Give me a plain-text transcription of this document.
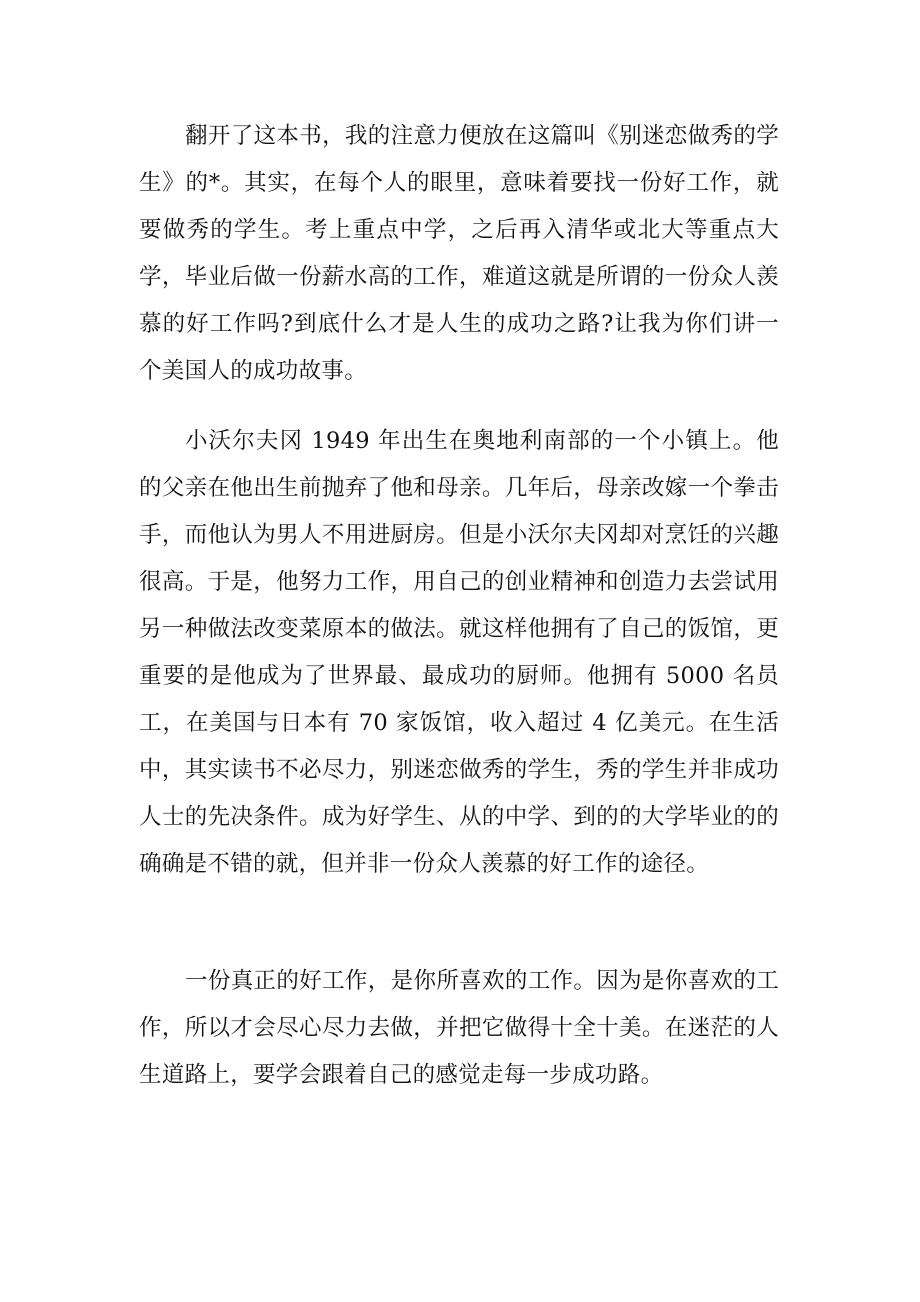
翻开了这本书，我的注意力便放在这篇叫《别迷恋做秀的学生》的*。其实，在每个人的眼里，意味着要找一份好工作，就要做秀的学生。考上重点中学，之后再入清华或北大等重点大学，毕业后做一份薪水高的工作，难道这就是所谓的一份众人羡慕的好工作吗?到底什么才是人生的成功之路?让我为你们讲一个美国人的成功故事。

小沃尔夫冈 1949 年出生在奥地利南部的一个小镇上。他的父亲在他出生前抛弃了他和母亲。几年后，母亲改嫁一个拳击手，而他认为男人不用进厨房。但是小沃尔夫冈却对烹饪的兴趣很高。于是，他努力工作，用自己的创业精神和创造力去尝试用另一种做法改变菜原本的做法。就这样他拥有了自己的饭馆，更重要的是他成为了世界最、最成功的厨师。他拥有 5000 名员工，在美国与日本有 70 家饭馆，收入超过 4 亿美元。在生活中，其实读书不必尽力，别迷恋做秀的学生，秀的学生并非成功人士的先决条件。成为好学生、从的中学、到的的大学毕业的的确确是不错的就，但并非一份众人羡慕的好工作的途径。

一份真正的好工作，是你所喜欢的工作。因为是你喜欢的工作，所以才会尽心尽力去做，并把它做得十全十美。在迷茫的人生道路上，要学会跟着自己的感觉走每一步成功路。
